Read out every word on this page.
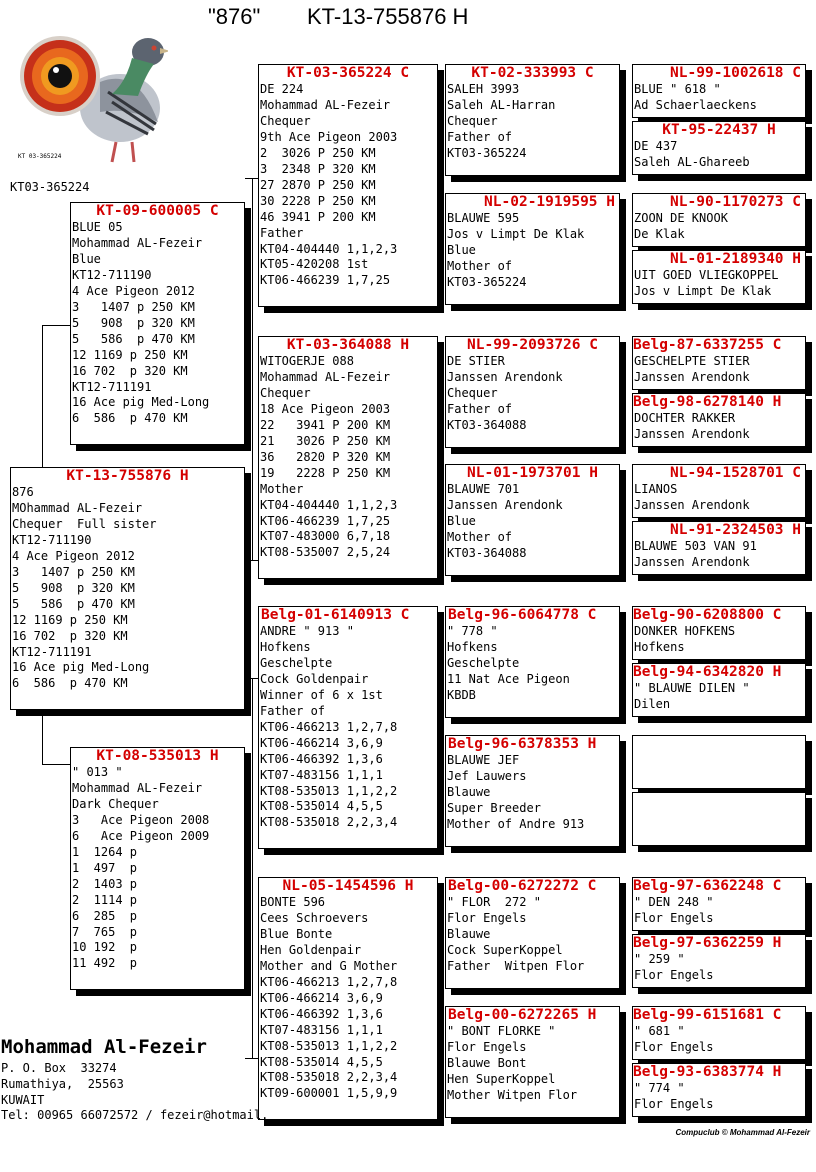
"876" KT-13-755876 H
KT 03-365224
KT03-365224
KT-13-755876 H
876
MOhammad AL-Fezeir
Chequer  Full sister
KT12-711190
4 Ace Pigeon 2012
3   1407 p 250 KM
5   908  p 320 KM
5   586  p 470 KM
12 1169 p 250 KM
16 702  p 320 KM
KT12-711191
16 Ace pig Med-Long
6  586  p 470 KM
KT-09-600005 C
BLUE 05
Mohammad AL-Fezeir
Blue
KT12-711190
4 Ace Pigeon 2012
3   1407 p 250 KM
5   908  p 320 KM
5   586  p 470 KM
12 1169 p 250 KM
16 702  p 320 KM
KT12-711191
16 Ace pig Med-Long
6  586  p 470 KM
KT-08-535013 H
" 013 "
Mohammad AL-Fezeir
Dark Chequer
3   Ace Pigeon 2008
6   Ace Pigeon 2009
1  1264 p
1  497  p
2  1403 p
2  1114 p
6  285  p
7  765  p
10 192  p
11 492  p
KT-03-365224 C
DE 224
Mohammad AL-Fezeir
Chequer
9th Ace Pigeon 2003
2  3026 P 250 KM
3  2348 P 320 KM
27 2870 P 250 KM
30 2228 P 250 KM
46 3941 P 200 KM
Father
KT04-404440 1,1,2,3
KT05-420208 1st
KT06-466239 1,7,25
KT-03-364088 H
WITOGERJE 088
Mohammad AL-Fezeir
Chequer
18 Ace Pigeon 2003
22   3941 P 200 KM
21   3026 P 250 KM
36   2820 P 320 KM
19   2228 P 250 KM
Mother
KT04-404440 1,1,2,3
KT06-466239 1,7,25
KT07-483000 6,7,18
KT08-535007 2,5,24
Belg-01-6140913 C
ANDRE " 913 "
Hofkens
Geschelpte
Cock Goldenpair
Winner of 6 x 1st
Father of
KT06-466213 1,2,7,8
KT06-466214 3,6,9
KT06-466392 1,3,6
KT07-483156 1,1,1
KT08-535013 1,1,2,2
KT08-535014 4,5,5
KT08-535018 2,2,3,4
NL-05-1454596 H
BONTE 596
Cees Schroevers
Blue Bonte
Hen Goldenpair
Mother and G Mother
KT06-466213 1,2,7,8
KT06-466214 3,6,9
KT06-466392 1,3,6
KT07-483156 1,1,1
KT08-535013 1,1,2,2
KT08-535014 4,5,5
KT08-535018 2,2,3,4
KT09-600001 1,5,9,9
KT-02-333993 C
SALEH 3993
Saleh AL-Harran
Chequer
Father of
KT03-365224
NL-02-1919595 H
BLAUWE 595
Jos v Limpt De Klak
Blue
Mother of
KT03-365224
NL-99-2093726 C
DE STIER
Janssen Arendonk
Chequer
Father of
KT03-364088
NL-01-1973701 H
BLAUWE 701
Janssen Arendonk
Blue
Mother of
KT03-364088
Belg-96-6064778 C
" 778 "
Hofkens
Geschelpte
11 Nat Ace Pigeon
KBDB
Belg-96-6378353 H
BLAUWE JEF
Jef Lauwers
Blauwe
Super Breeder
Mother of Andre 913
Belg-00-6272272 C
" FLOR  272 "
Flor Engels
Blauwe
Cock SuperKoppel
Father  Witpen Flor
Belg-00-6272265 H
" BONT FLORKE "
Flor Engels
Blauwe Bont
Hen SuperKoppel
Mother Witpen Flor
NL-99-1002618 C
BLUE " 618 "
Ad Schaerlaeckens
KT-95-22437 H
DE 437
Saleh AL-Ghareeb
NL-90-1170273 C
ZOON DE KNOOK
De Klak
NL-01-2189340 H
UIT GOED VLIEGKOPPEL
Jos v Limpt De Klak
Belg-87-6337255 C
GESCHELPTE STIER
Janssen Arendonk
Belg-98-6278140 H
DOCHTER RAKKER
Janssen Arendonk
NL-94-1528701 C
LIANOS
Janssen Arendonk
NL-91-2324503 H
BLAUWE 503 VAN 91
Janssen Arendonk
Belg-90-6208800 C
DONKER HOFKENS
Hofkens
Belg-94-6342820 H
" BLAUWE DILEN "
Dilen
Belg-97-6362248 C
" DEN 248 "
Flor Engels
Belg-97-6362259 H
" 259 "
Flor Engels
Belg-99-6151681 C
" 681 "
Flor Engels
Belg-93-6383774 H
" 774 "
Flor Engels
Mohammad Al-Fezeir
P. O. Box  33274
Rumathiya,  25563
KUWAIT
Tel: 00965 66072572 / fezeir@hotmail.
Compuclub © Mohammad Al-Fezeir
